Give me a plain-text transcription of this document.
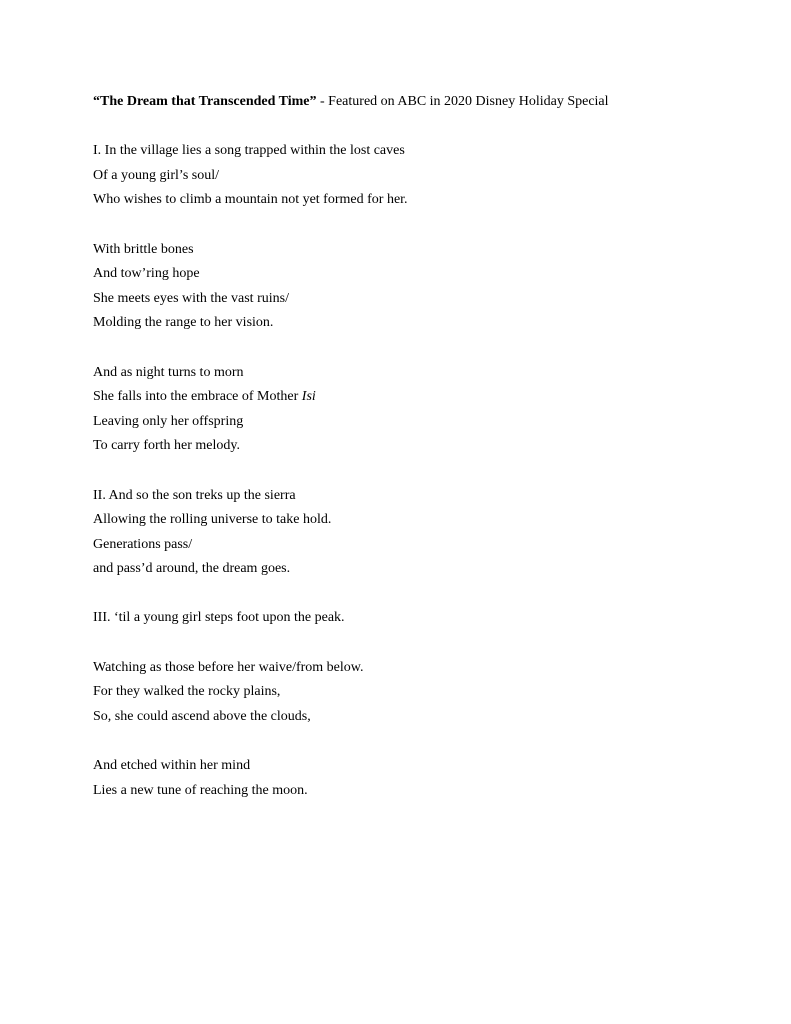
“The Dream that Transcended Time” - Featured on ABC in 2020 Disney Holiday Special

I. In the village lies a song trapped within the lost caves
Of a young girl’s soul/
Who wishes to climb a mountain not yet formed for her.
With brittle bones
And tow’ring hope
She meets eyes with the vast ruins/
Molding the range to her vision.
And as night turns to morn
She falls into the embrace of Mother Isi
Leaving only her offspring
To carry forth her melody.
II. And so the son treks up the sierra
Allowing the rolling universe to take hold.
Generations pass/
and pass’d around, the dream goes.
III. ‘til a young girl steps foot upon the peak.
Watching as those before her waive/from below.
For they walked the rocky plains,
So, she could ascend above the clouds,
And etched within her mind
Lies a new tune of reaching the moon.
